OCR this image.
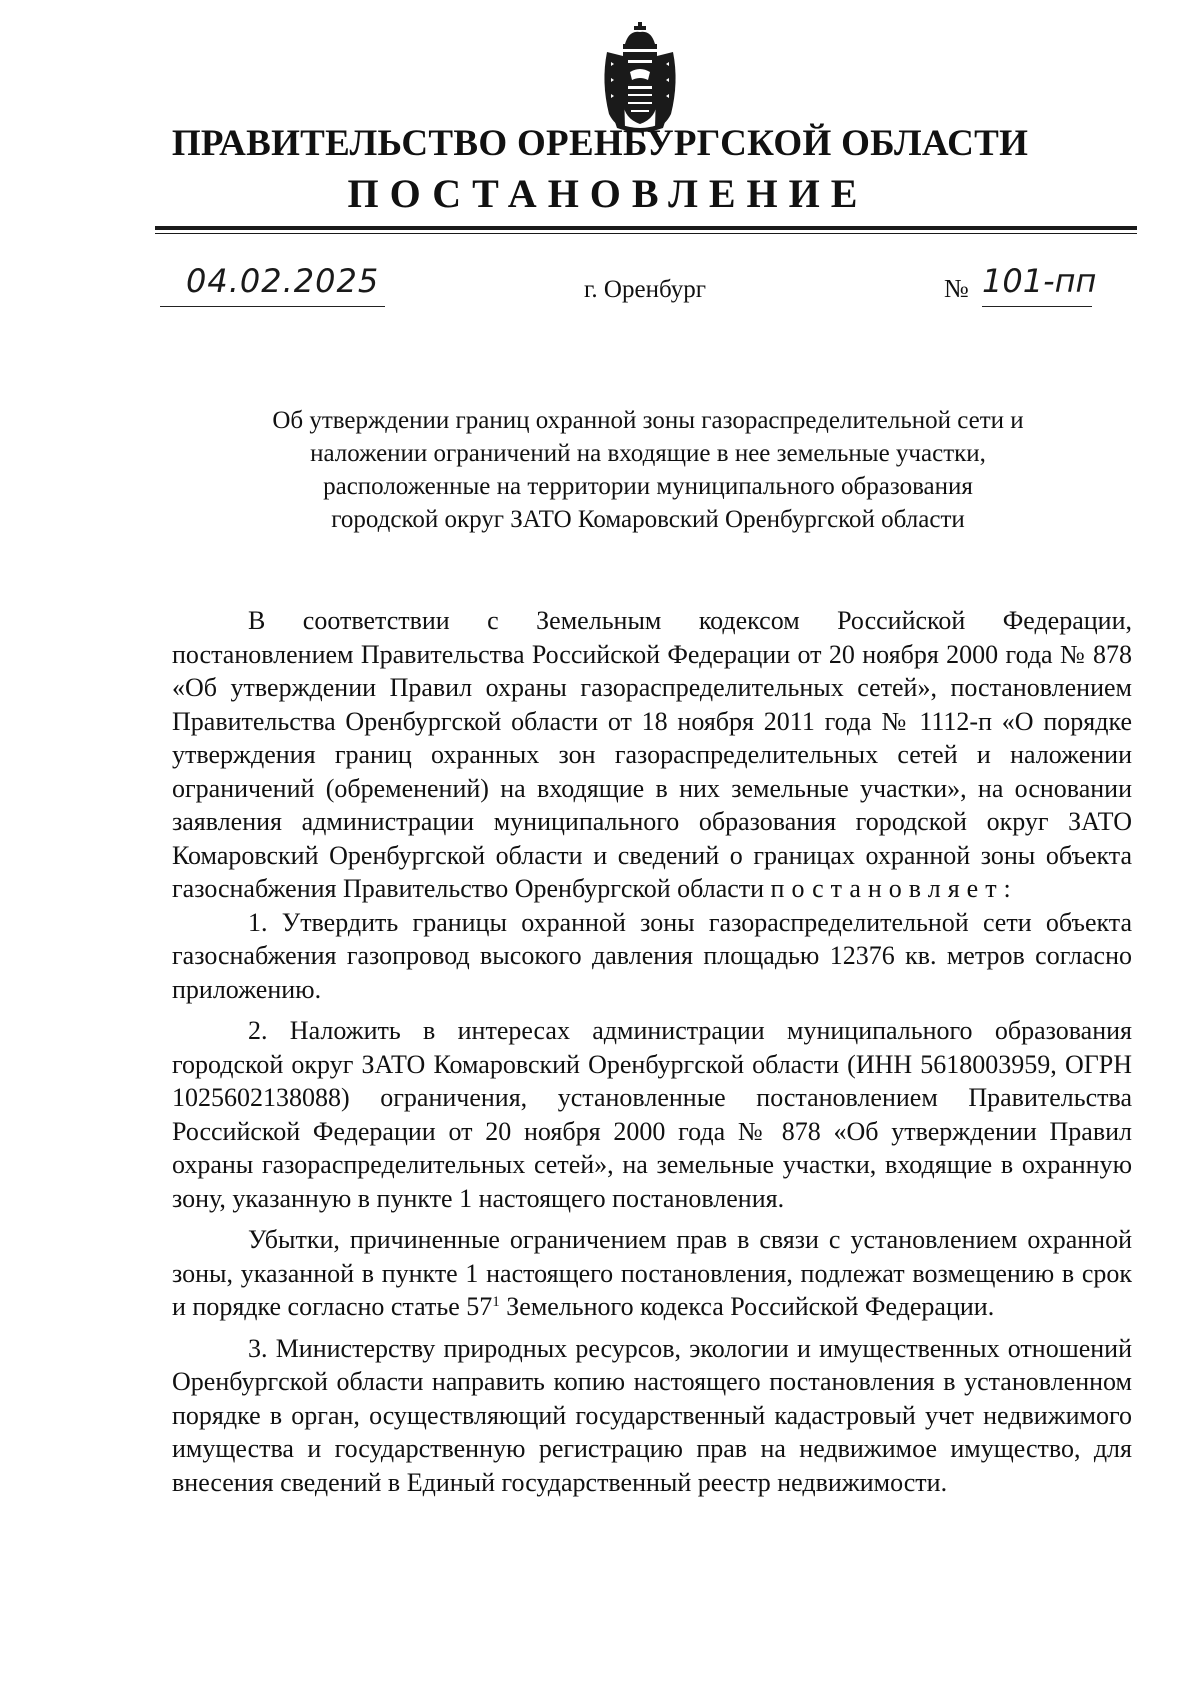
ПРАВИТЕЛЬСТВО ОРЕНБУРГСКОЙ ОБЛАСТИ
ПОСТАНОВЛЕНИЕ
04.02.2025	г. Оренбург	№ 101-пп
Об утверждении границ охранной зоны газораспределительной сети и
наложении ограничений на входящие в нее земельные участки,
расположенные на территории муниципального образования
городской округ ЗАТО Комаровский Оренбургской области

В соответствии с Земельным кодексом Российской Федерации, постановлением Правительства Российской Федерации от 20 ноября 2000 года № 878 «Об утверждении Правил охраны газораспределительных сетей», постановлением Правительства Оренбургской области от 18 ноября 2011 года № 1112-п «О порядке утверждения границ охранных зон газораспределительных сетей и наложении ограничений (обременений) на входящие в них земельные участки», на основании заявления администрации муниципального образования городской округ ЗАТО Комаровский Оренбургской области и сведений о границах охранной зоны объекта газоснабжения Правительство Оренбургской области постановляет:

1. Утвердить границы охранной зоны газораспределительной сети объекта газоснабжения газопровод высокого давления площадью 12376 кв. метров согласно приложению.

2. Наложить в интересах администрации муниципального образования городской округ ЗАТО Комаровский Оренбургской области (ИНН 5618003959, ОГРН 1025602138088) ограничения, установленные постановлением Правительства Российской Федерации от 20 ноября 2000 года № 878 «Об утверждении Правил охраны газораспределительных сетей», на земельные участки, входящие в охранную зону, указанную в пункте 1 настоящего постановления.

Убытки, причиненные ограничением прав в связи с установлением охранной зоны, указанной в пункте 1 настоящего постановления, подлежат возмещению в срок и порядке согласно статье $57^1$ Земельного кодекса Российской Федерации.

3. Министерству природных ресурсов, экологии и имущественных отношений Оренбургской области направить копию настоящего постановления в установленном порядке в орган, осуществляющий государственный кадастровый учет недвижимого имущества и государственную регистрацию прав на недвижимое имущество, для внесения сведений в Единый государственный реестр недвижимости.
